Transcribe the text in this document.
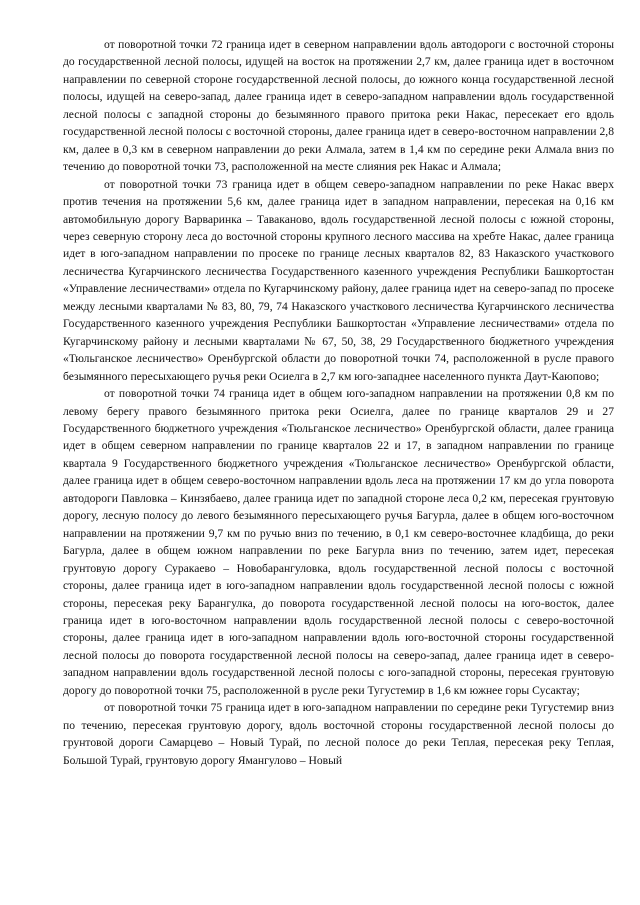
от поворотной точки 72 граница идет в северном направлении вдоль автодороги с восточной стороны до государственной лесной полосы, идущей на восток на протяжении 2,7 км, далее граница идет в восточном направлении по северной стороне государственной лесной полосы, до южного конца государственной лесной полосы, идущей на северо-запад, далее граница идет в северо-западном направлении вдоль государственной лесной полосы с западной стороны до безымянного правого притока реки Накас, пересекает его вдоль государственной лесной полосы с восточной стороны, далее граница идет в северо-восточном направлении 2,8 км, далее в 0,3 км в северном направлении до реки Алмала, затем в 1,4 км по середине реки Алмала вниз по течению до поворотной точки 73, расположенной на месте слияния рек Накас и Алмала;

от поворотной точки 73 граница идет в общем северо-западном направлении по реке Накас вверх против течения на протяжении 5,6 км, далее граница идет в западном направлении, пересекая на 0,16 км автомобильную дорогу Варваринка – Таваканово, вдоль государственной лесной полосы с южной стороны, через северную сторону леса до восточной стороны крупного лесного массива на хребте Накас, далее граница идет в юго-западном направлении по просеке по границе лесных кварталов 82, 83 Наказского участкового лесничества Кугарчинского лесничества Государственного казенного учреждения Республики Башкортостан «Управление лесничествами» отдела по Кугарчинскому району, далее граница идет на северо-запад по просеке между лесными кварталами № 83, 80, 79, 74 Наказского участкового лесничества Кугарчинского лесничества Государственного казенного учреждения Республики Башкортостан «Управление лесничествами» отдела по Кугарчинскому району и лесными кварталами № 67, 50, 38, 29 Государственного бюджетного учреждения «Тюльганское лесничество» Оренбургской области до поворотной точки 74, расположенной в русле правого безымянного пересыхающего ручья реки Осиелга в 2,7 км юго-западнее населенного пункта Даут-Каюпово;

от поворотной точки 74 граница идет в общем юго-западном направлении на протяжении 0,8 км по левому берегу правого безымянного притока реки Осиелга, далее по границе кварталов 29 и 27 Государственного бюджетного учреждения «Тюльганское лесничество» Оренбургской области, далее граница идет в общем северном направлении по границе кварталов 22 и 17, в западном направлении по границе квартала 9 Государственного бюджетного учреждения «Тюльганское лесничество» Оренбургской области, далее граница идет в общем северо-восточном направлении вдоль леса на протяжении 17 км до угла поворота автодороги Павловка – Кинзябаево, далее граница идет по западной стороне леса 0,2 км, пересекая грунтовую дорогу, лесную полосу до левого безымянного пересыхающего ручья Багурла, далее в общем юго-восточном направлении на протяжении 9,7 км по ручью вниз по течению, в 0,1 км северо-восточнее кладбища, до реки Багурла, далее в общем южном направлении по реке Багурла вниз по течению, затем идет, пересекая грунтовую дорогу Суракаево – Новобарангуловка, вдоль государственной лесной полосы с восточной стороны, далее граница идет в юго-западном направлении вдоль государственной лесной полосы с южной стороны, пересекая реку Барангулка, до поворота государственной лесной полосы на юго-восток, далее граница идет в юго-восточном направлении вдоль государственной лесной полосы с северо-восточной стороны, далее граница идет в юго-западном направлении вдоль юго-восточной стороны государственной лесной полосы до поворота государственной лесной полосы на северо-запад, далее граница идет в северо-западном направлении вдоль государственной лесной полосы с юго-западной стороны, пересекая грунтовую дорогу до поворотной точки 75, расположенной в русле реки Тугустемир в 1,6 км южнее горы Сусактау;

от поворотной точки 75 граница идет в юго-западном направлении по середине реки Тугустемир вниз по течению, пересекая грунтовую дорогу, вдоль восточной стороны государственной лесной полосы до грунтовой дороги Самарцево – Новый Турай, по лесной полосе до реки Теплая, пересекая реку Теплая, Большой Турай, грунтовую дорогу Ямангулово – Новый
